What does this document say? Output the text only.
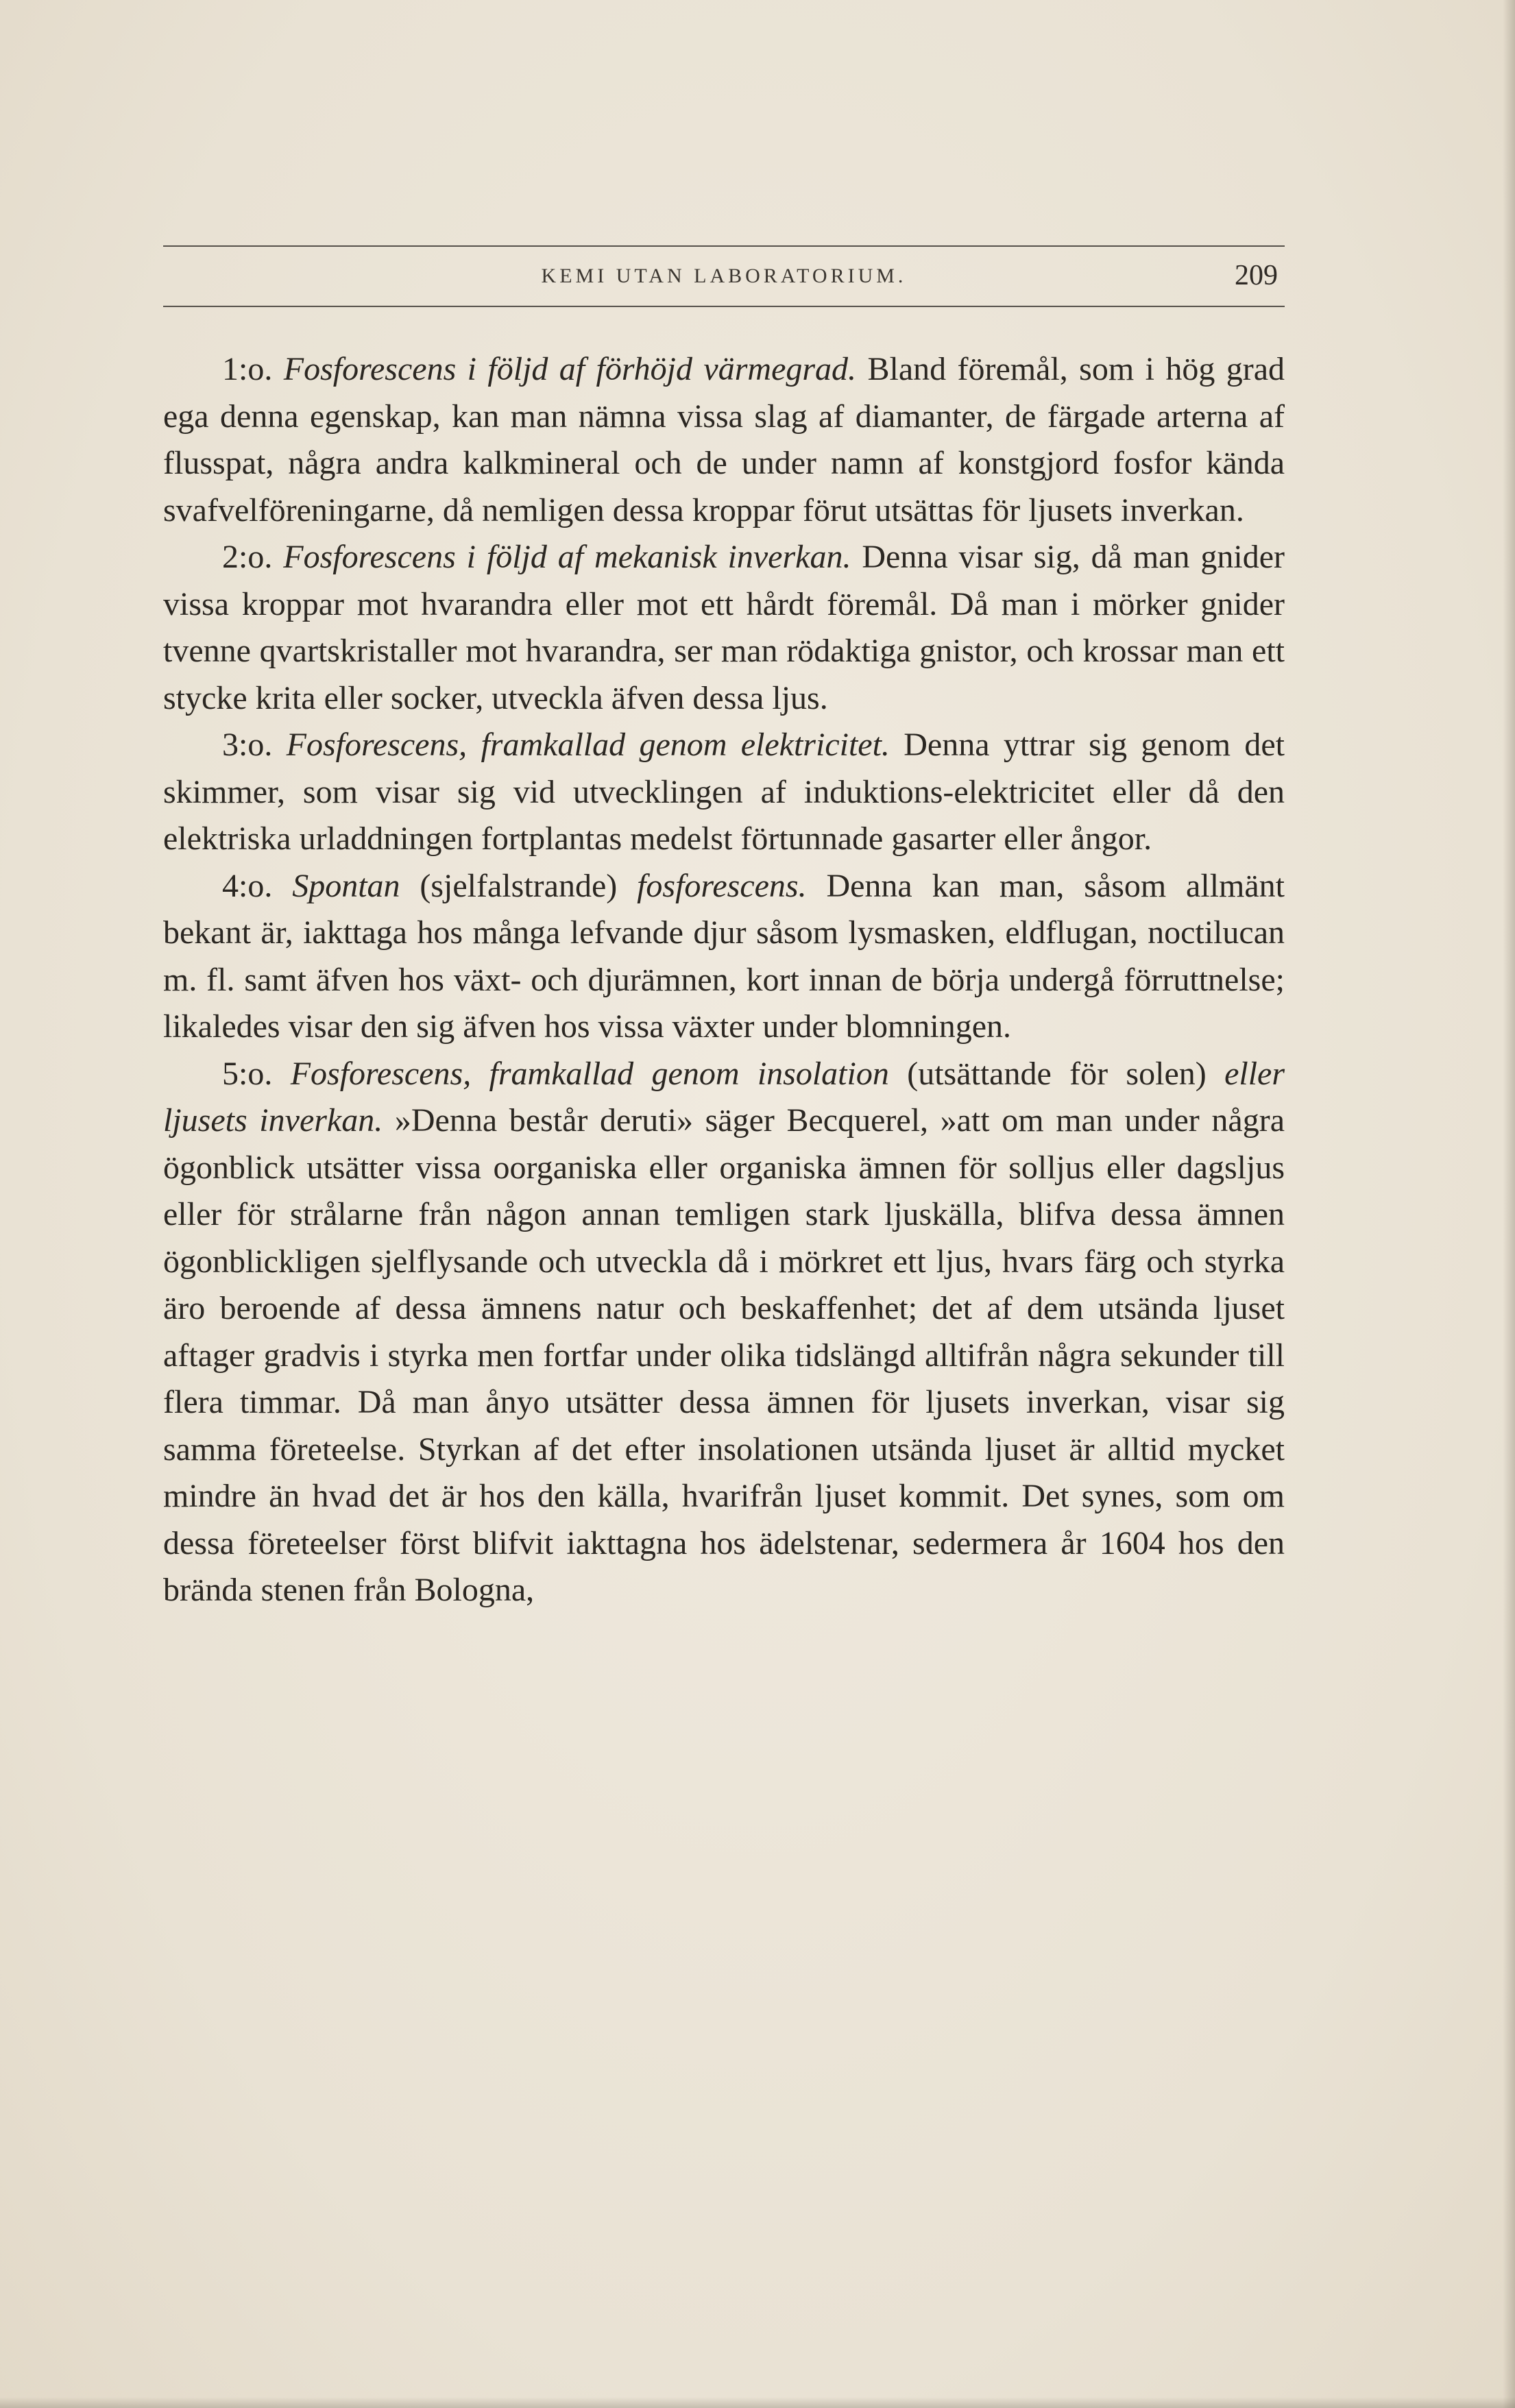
KEMI UTAN LABORATORIUM.	209

1:o. Fosforescens i följd af förhöjd värmegrad. Bland föremål, som i hög grad ega denna egenskap, kan man nämna vissa slag af diamanter, de färgade arterna af flusspat, några andra kalkmineral och de under namn af konstgjord fosfor kända svafvelföreningarne, då nemligen dessa kroppar förut utsättas för ljusets inverkan.

2:o. Fosforescens i följd af mekanisk inverkan. Denna visar sig, då man gnider vissa kroppar mot hvarandra eller mot ett hårdt föremål. Då man i mörker gnider tvenne qvartskristaller mot hvarandra, ser man rödaktiga gnistor, och krossar man ett stycke krita eller socker, utveckla äfven dessa ljus.

3:o. Fosforescens, framkallad genom elektricitet. Denna yttrar sig genom det skimmer, som visar sig vid utvecklingen af induktions-elektricitet eller då den elektriska urladdningen fortplantas medelst förtunnade gasarter eller ångor.

4:o. Spontan (sjelfalstrande) fosforescens. Denna kan man, såsom allmänt bekant är, iakttaga hos många lefvande djur såsom lysmasken, eldflugan, noctilucan m. fl. samt äfven hos växt- och djurämnen, kort innan de börja undergå förruttnelse; likaledes visar den sig äfven hos vissa växter under blomningen.

5:o. Fosforescens, framkallad genom insolation (utsättande för solen) eller ljusets inverkan. »Denna består deruti» säger Becquerel, »att om man under några ögonblick utsätter vissa oorganiska eller organiska ämnen för solljus eller dagsljus eller för strålarne från någon annan temligen stark ljuskälla, blifva dessa ämnen ögonblickligen sjelflysande och utveckla då i mörkret ett ljus, hvars färg och styrka äro beroende af dessa ämnens natur och beskaffenhet; det af dem utsända ljuset aftager gradvis i styrka men fortfar under olika tidslängd alltifrån några sekunder till flera timmar. Då man ånyo utsätter dessa ämnen för ljusets inverkan, visar sig samma företeelse. Styrkan af det efter insolationen utsända ljuset är alltid mycket mindre än hvad det är hos den källa, hvarifrån ljuset kommit. Det synes, som om dessa företeelser först blifvit iakttagna hos ädelstenar, sedermera år 1604 hos den brända stenen från Bologna,
